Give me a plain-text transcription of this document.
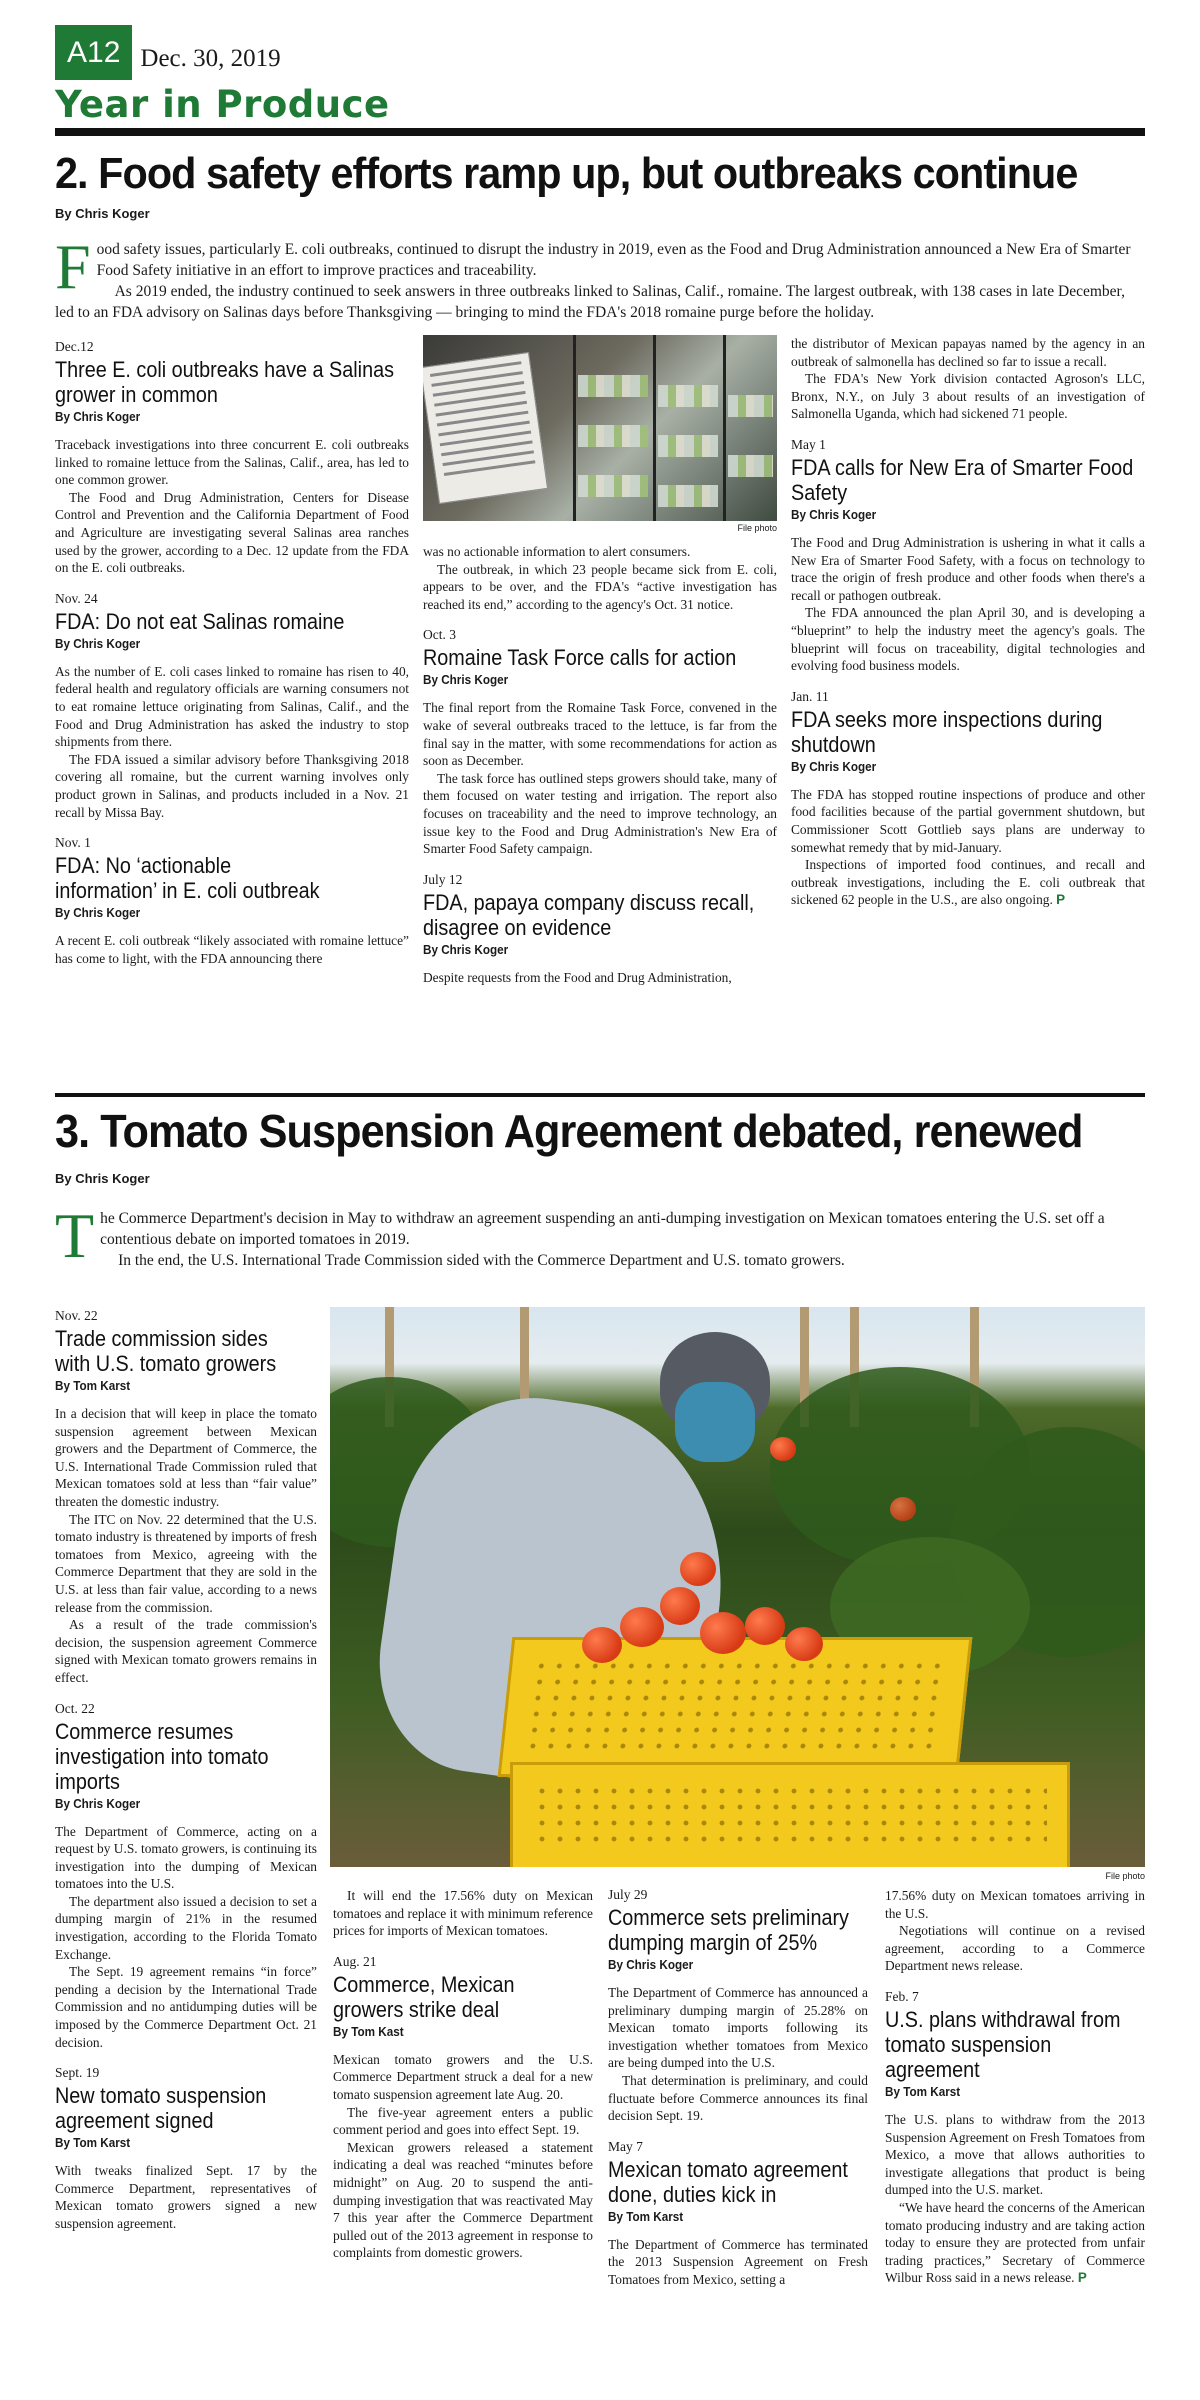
A12 Dec. 30, 2019
Year in Produce
2. Food safety efforts ramp up, but outbreaks continue
By Chris Koger
F ood safety issues, particularly E. coli outbreaks, continued to disrupt the industry in 2019, even as the Food and Drug Administration announced a New Era of Smarter Food Safety initiative in an effort to improve practices and traceability.

As 2019 ended, the industry continued to seek answers in three outbreaks linked to Salinas, Calif., romaine. The largest outbreak, with 138 cases in late December, led to an FDA advisory on Salinas days before Thanksgiving — bringing to mind the FDA's 2018 romaine purge before the holiday.

Dec.12
Three E. coli outbreaks have a Salinas grower in common
By Chris Koger

Traceback investigations into three concurrent E. coli outbreaks linked to romaine lettuce from the Salinas, Calif., area, has led to one common grower.

The Food and Drug Administration, Centers for Disease Control and Prevention and the California Department of Food and Agriculture are investigating several Salinas area ranches used by the grower, according to a Dec. 12 update from the FDA on the E. coli outbreaks.

Nov. 24
FDA: Do not eat Salinas romaine
By Chris Koger

As the number of E. coli cases linked to romaine has risen to 40, federal health and regulatory officials are warning consumers not to eat romaine lettuce originating from Salinas, Calif., and the Food and Drug Administration has asked the industry to stop shipments from there.

The FDA issued a similar advisory before Thanksgiving 2018 covering all romaine, but the current warning involves only product grown in Salinas, and products included in a Nov. 21 recall by Missa Bay.

Nov. 1
FDA: No ‘actionable information’ in E. coli outbreak
By Chris Koger

A recent E. coli outbreak “likely associated with romaine lettuce” has come to light, with the FDA announcing there

File photo

was no actionable information to alert consumers.

The outbreak, in which 23 people became sick from E. coli, appears to be over, and the FDA's “active investigation has reached its end,” according to the agency's Oct. 31 notice.

Oct. 3
Romaine Task Force calls for action
By Chris Koger

The final report from the Romaine Task Force, convened in the wake of several outbreaks traced to the lettuce, is far from the final say in the matter, with some recommendations for action as soon as December.

The task force has outlined steps growers should take, many of them focused on water testing and irrigation. The report also focuses on traceability and the need to improve technology, an issue key to the Food and Drug Administration's New Era of Smarter Food Safety campaign.

July 12
FDA, papaya company discuss recall, disagree on evidence
By Chris Koger

Despite requests from the Food and Drug Administration,

the distributor of Mexican papayas named by the agency in an outbreak of salmonella has declined so far to issue a recall.

The FDA's New York division contacted Agroson's LLC, Bronx, N.Y., on July 3 about results of an investigation of Salmonella Uganda, which had sickened 71 people.

May 1
FDA calls for New Era of Smarter Food Safety
By Chris Koger

The Food and Drug Administration is ushering in what it calls a New Era of Smarter Food Safety, with a focus on technology to trace the origin of fresh produce and other foods when there's a recall or pathogen outbreak.

The FDA announced the plan April 30, and is developing a “blueprint” to help the industry meet the agency's goals. The blueprint will focus on traceability, digital technologies and evolving food business models.

Jan. 11
FDA seeks more inspections during shutdown
By Chris Koger

The FDA has stopped routine inspections of produce and other food facilities because of the partial government shutdown, but Commissioner Scott Gottlieb says plans are underway to somewhat remedy that by mid-January.

Inspections of imported food continues, and recall and outbreak investigations, including the E. coli outbreak that sickened 62 people in the U.S., are also ongoing. P

3. Tomato Suspension Agreement debated, renewed
By Chris Koger
T he Commerce Department's decision in May to withdraw an agreement suspending an anti-dumping investigation on Mexican tomatoes entering the U.S. set off a contentious debate on imported tomatoes in 2019.

In the end, the U.S. International Trade Commission sided with the Commerce Department and U.S. tomato growers.

File photo
Nov. 22
Trade commission sides with U.S. tomato growers
By Tom Karst

In a decision that will keep in place the tomato suspension agreement between Mexican growers and the Department of Commerce, the U.S. International Trade Commission ruled that Mexican tomatoes sold at less than “fair value” threaten the domestic industry.

The ITC on Nov. 22 determined that the U.S. tomato industry is threatened by imports of fresh tomatoes from Mexico, agreeing with the Commerce Department that they are sold in the U.S. at less than fair value, according to a news release from the commission.

As a result of the trade commission's decision, the suspension agreement Commerce signed with Mexican tomato growers remains in effect.

Oct. 22
Commerce resumes investigation into tomato imports
By Chris Koger

The Department of Commerce, acting on a request by U.S. tomato growers, is continuing its investigation into the dumping of Mexican tomatoes into the U.S.

The department also issued a decision to set a dumping margin of 21% in the resumed investigation, according to the Florida Tomato Exchange.

The Sept. 19 agreement remains “in force” pending a decision by the International Trade Commission and no antidumping duties will be imposed by the Commerce Department Oct. 21 decision.

Sept. 19
New tomato suspension agreement signed
By Tom Karst

With tweaks finalized Sept. 17 by the Commerce Department, representatives of Mexican tomato growers signed a new suspension agreement.

It will end the 17.56% duty on Mexican tomatoes and replace it with minimum reference prices for imports of Mexican tomatoes.

Aug. 21
Commerce, Mexican growers strike deal
By Tom Kast

Mexican tomato growers and the U.S. Commerce Department struck a deal for a new tomato suspension agreement late Aug. 20.

The five-year agreement enters a public comment period and goes into effect Sept. 19.

Mexican growers released a statement indicating a deal was reached “minutes before midnight” on Aug. 20 to suspend the anti-dumping investigation that was reactivated May 7 this year after the Commerce Department pulled out of the 2013 agreement in response to complaints from domestic growers.

July 29
Commerce sets preliminary dumping margin of 25%
By Chris Koger

The Department of Commerce has announced a preliminary dumping margin of 25.28% on Mexican tomato imports following its investigation whether tomatoes from Mexico are being dumped into the U.S.

That determination is preliminary, and could fluctuate before Commerce announces its final decision Sept. 19.

May 7
Mexican tomato agreement done, duties kick in
By Tom Karst

The Department of Commerce has terminated the 2013 Suspension Agreement on Fresh Tomatoes from Mexico, setting a

17.56% duty on Mexican tomatoes arriving in the U.S.

Negotiations will continue on a revised agreement, according to a Commerce Department news release.

Feb. 7
U.S. plans withdrawal from tomato suspension agreement
By Tom Karst

The U.S. plans to withdraw from the 2013 Suspension Agreement on Fresh Tomatoes from Mexico, a move that allows authorities to investigate allegations that product is being dumped into the U.S. market.

“We have heard the concerns of the American tomato producing industry and are taking action today to ensure they are protected from unfair trading practices,” Secretary of Commerce Wilbur Ross said in a news release. P
